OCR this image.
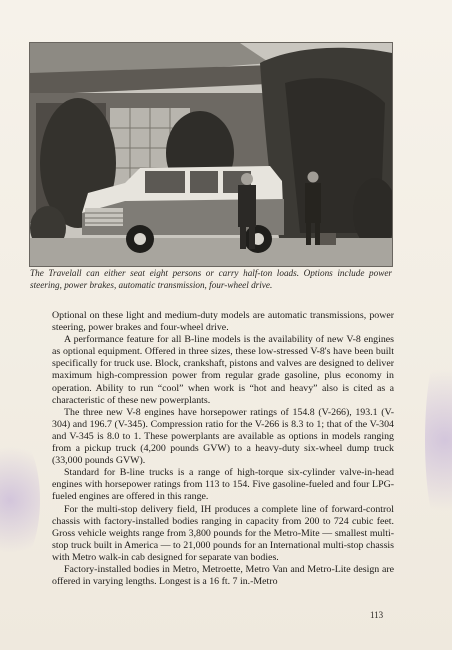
The Travelall can either seat eight persons or carry half-ton loads. Options include power steering, power brakes, automatic transmission, four-wheel drive.

Optional on these light and medium-duty models are automatic transmissions, power steering, power brakes and four-wheel drive.

A performance feature for all B-line models is the availability of new V-8 engines as optional equipment. Offered in three sizes, these low-stressed V-8's have been built specifically for truck use. Block, crankshaft, pistons and valves are designed to deliver maximum high-compression power from regular grade gasoline, plus economy in operation. Ability to run “cool” when work is “hot and heavy” also is cited as a characteristic of these new powerplants.

The three new V-8 engines have horsepower ratings of 154.8 (V-266), 193.1 (V-304) and 196.7 (V-345). Compression ratio for the V-266 is 8.3 to 1; that of the V-304 and V-345 is 8.0 to 1. These powerplants are available as options in models ranging from a pickup truck (4,200 pounds GVW) to a heavy-duty six-wheel dump truck (33,000 pounds GVW).

Standard for B-line trucks is a range of high-torque six-cylinder valve-in-head engines with horsepower ratings from 113 to 154. Five gasoline-fueled and four LPG-fueled engines are offered in this range.

For the multi-stop delivery field, IH produces a complete line of forward-control chassis with factory-installed bodies ranging in capacity from 200 to 724 cubic feet. Gross vehicle weights range from 3,800 pounds for the Metro-Mite — smallest multi-stop truck built in America — to 21,000 pounds for an International multi-stop chassis with Metro walk-in cab designed for separate van bodies.

Factory-installed bodies in Metro, Metroette, Metro Van and Metro-Lite design are offered in varying lengths. Longest is a 16 ft. 7 in.-Metro

113
